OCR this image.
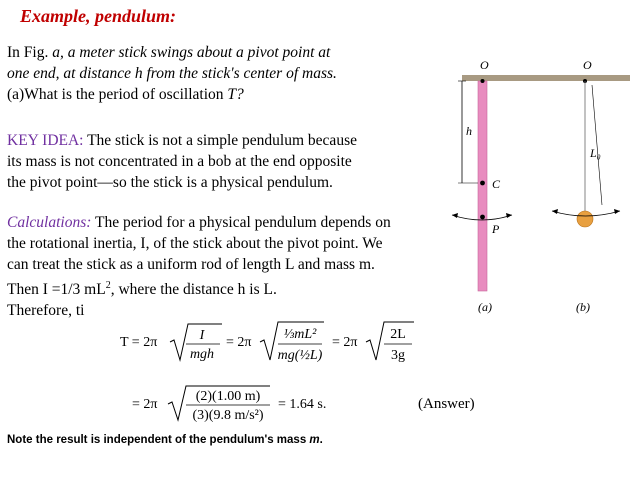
Example, pendulum:
In Fig. a, a meter stick swings about a pivot point at
one end, at distance h from the stick's center of mass.
(a)What is the period of oscillation T?
KEY IDEA: The stick is not a simple pendulum because
its mass is not concentrated in a bob at the end opposite
the pivot point—so the stick is a physical pendulum.
Calculations: The period for a physical pendulum depends on
the rotational inertia, I, of the stick about the pivot point. We
can treat the stick as a uniform rod of length L and mass m.
Then I =1/3 $mL^2$, where the distance h is L.
Therefore, ti
T = 2π	I
mgh
= 2π
⅓mL²
mg(½L)
= 2π
2L
3g
= 2π
(2)(1.00 m)
(3)(9.8 m/s²)
= 1.64 s.	(Answer)
O
h
C
P
O
L₀
(a)	(b)
Note the result is independent of the pendulum's mass m.
